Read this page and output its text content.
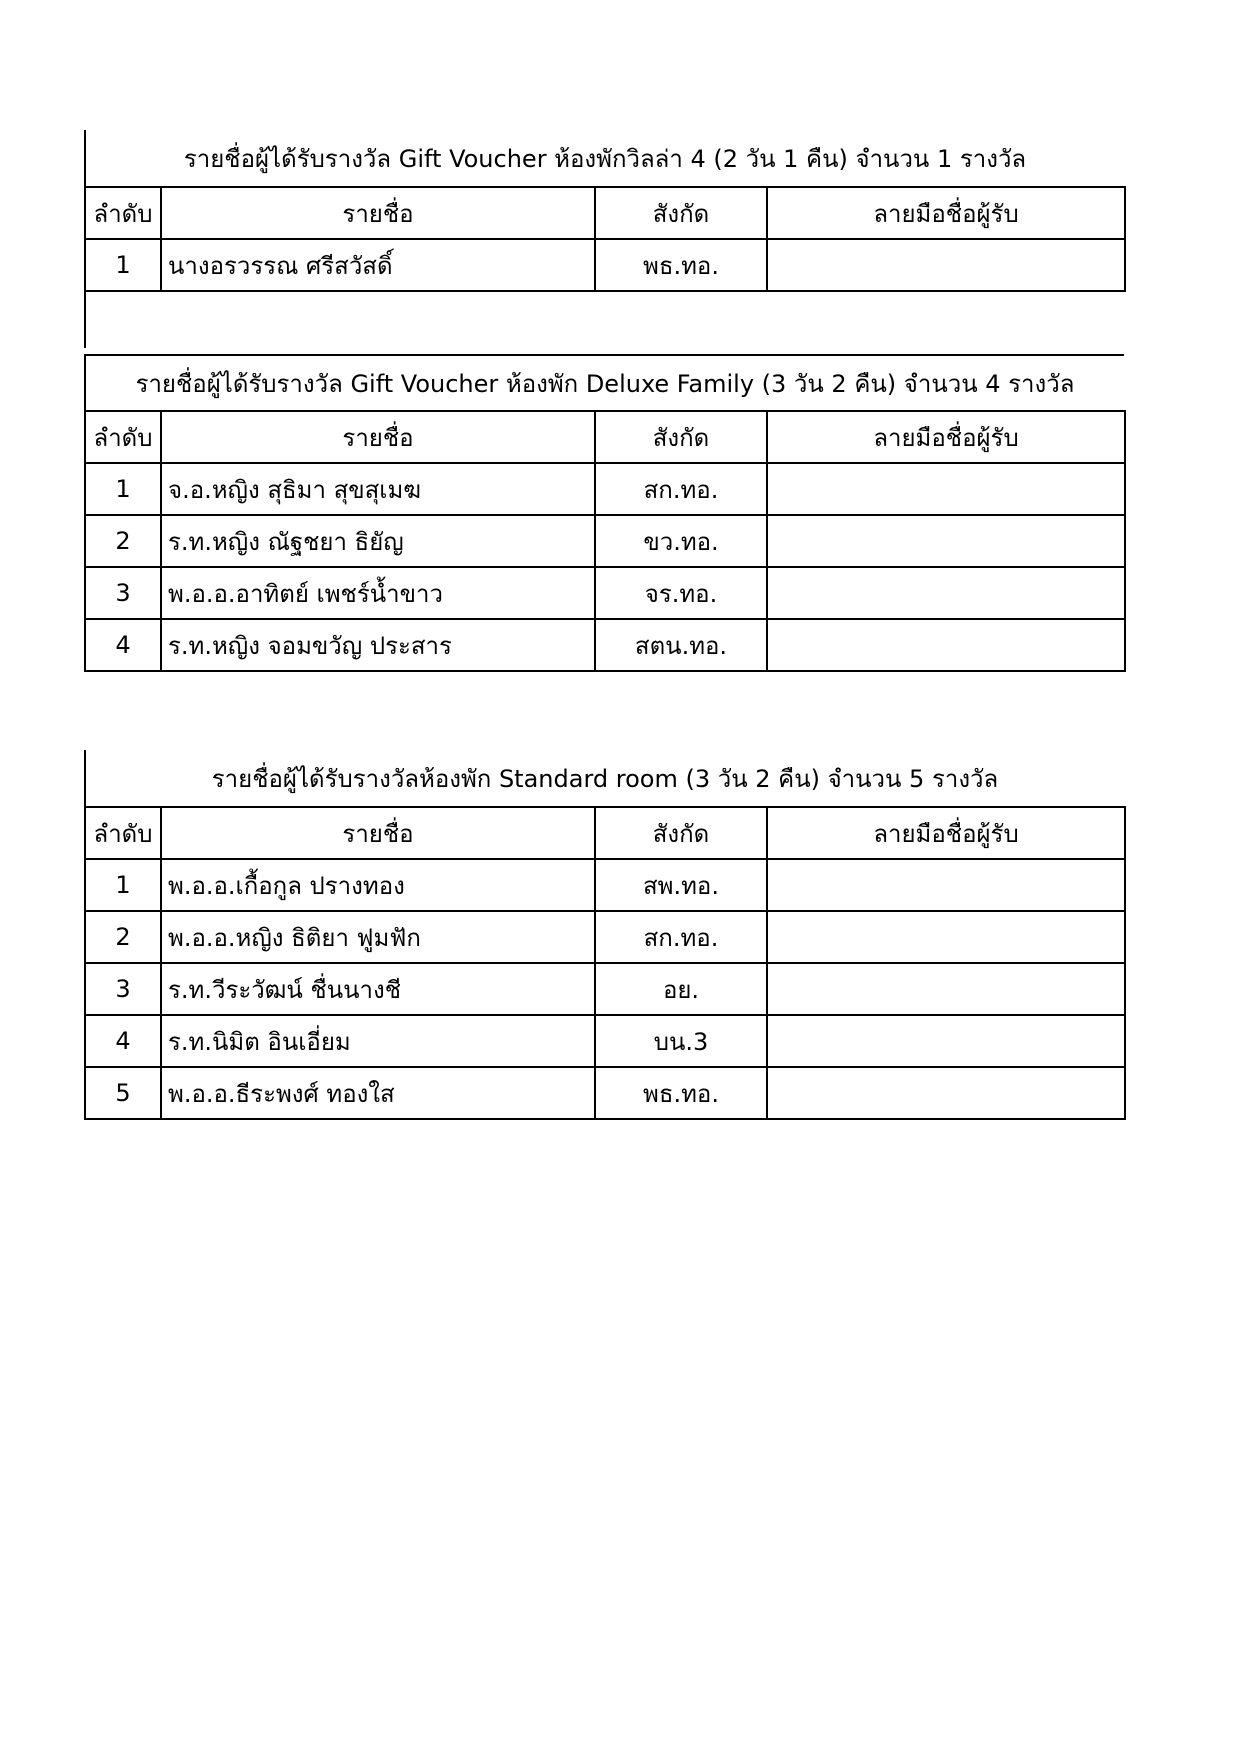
รายชื่อผู้ได้รับรางวัล Gift Voucher ห้องพักวิลล่า 4 (2 วัน 1 คืน) จำนวน 1 รางวัล
ลำดับ	รายชื่อ	สังกัด	ลายมือชื่อผู้รับ
1	นางอรวรรณ ศรีสวัสดิ์	พธ.ทอ.	
รายชื่อผู้ได้รับรางวัล Gift Voucher ห้องพัก Deluxe Family (3 วัน 2 คืน) จำนวน 4 รางวัล
ลำดับ	รายชื่อ	สังกัด	ลายมือชื่อผู้รับ
1	จ.อ.หญิง สุธิมา สุขสุเมฆ	สก.ทอ.	
2	ร.ท.หญิง ณัฐชยา ธิยัญ	ขว.ทอ.	
3	พ.อ.อ.อาทิตย์ เพชร์น้ำขาว	จร.ทอ.	
4	ร.ท.หญิง จอมขวัญ ประสาร	สตน.ทอ.	
รายชื่อผู้ได้รับรางวัลห้องพัก Standard room (3 วัน 2 คืน) จำนวน 5 รางวัล
ลำดับ	รายชื่อ	สังกัด	ลายมือชื่อผู้รับ
1	พ.อ.อ.เกื้อกูล ปรางทอง	สพ.ทอ.	
2	พ.อ.อ.หญิง ธิติยา ฟูมฟัก	สก.ทอ.	
3	ร.ท.วีระวัฒน์ ชื่นนางชี	อย.	
4	ร.ท.นิมิต อินเอี่ยม	บน.3	
5	พ.อ.อ.ธีระพงศ์ ทองใส	พธ.ทอ.	
